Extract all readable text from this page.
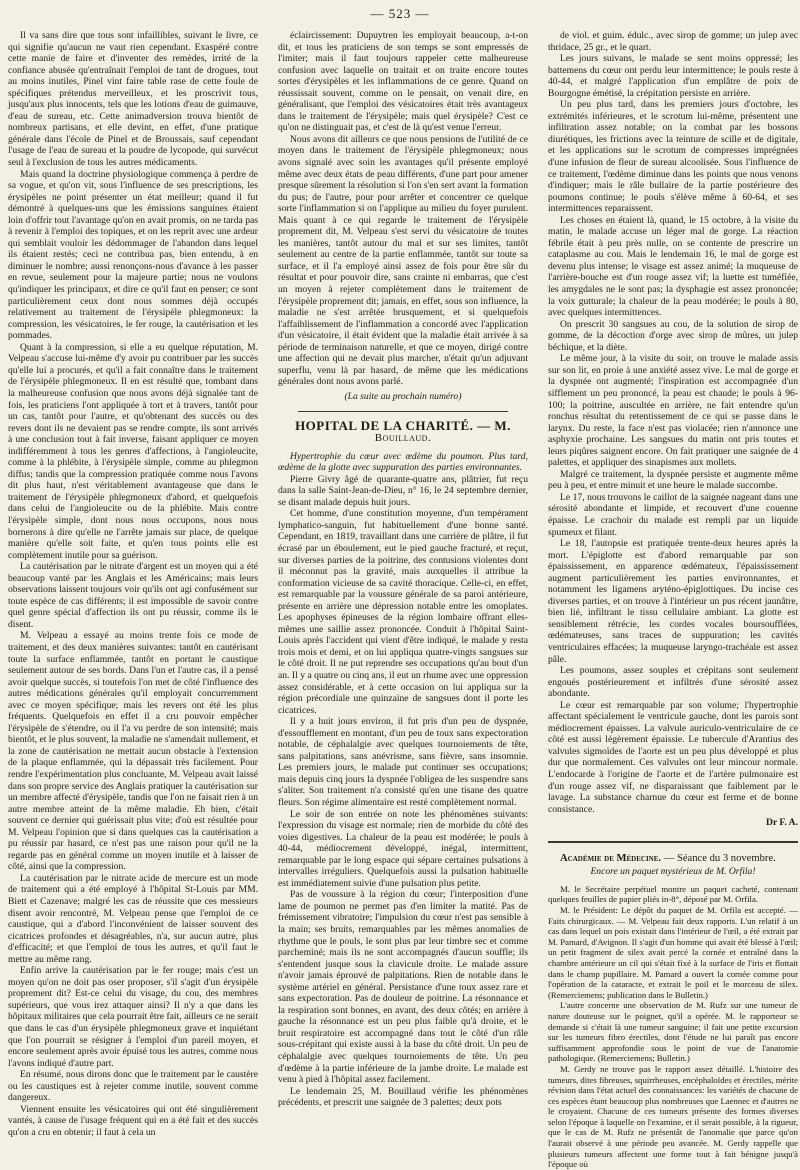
— 523 —

Il va sans dire que tous sont infaillibles, suivant le livre, ce qui signifie qu'aucun ne vaut rien cependant. Exaspéré contre cette manie de faire et d'inventer des remèdes, irrité de la confiance abusée qu'entraînait l'emploi de tant de drogues, tout au moins inutiles, Pinel vint faire table rase de cette foule de spécifiques prétendus merveilleux, et les proscrivit tous, jusqu'aux plus innocents, tels que les lotions d'eau de guimauve, d'eau de sureau, etc. Cette animadversion trouva bientôt de nombreux partisans, et elle devint, en effet, d'une pratique générale dans l'école de Pinel et de Broussais, sauf cependant l'usage de l'eau de sureau et la poudre de lycopode, qui survécut seul à l'exclusion de tous les autres médicaments.

Mais quand la doctrine physiologique commença à perdre de sa vogue, et qu'on vit, sous l'influence de ses prescriptions, les érysipèles ne point présenter un état meilleur; quand il fut démontré à quelques-uns que les émissions sanguines étaient loin d'offrir tout l'avantage qu'on en avait promis, on ne tarda pas à revenir à l'emploi des topiques, et on les reprit avec une ardeur qui semblait vouloir les dédommager de l'abandon dans lequel ils étaient restés; ceci ne contribua pas, bien entendu, à en diminuer le nombre; aussi renonçons-nous d'avance à les passer en revue, seulement pour la majeure partie; nous ne voulons qu'indiquer les principaux, et dire ce qu'il faut en penser; ce sont particulièrement ceux dont nous sommes déjà occupés relativement au traitement de l'érysipèle phlegmoneux: la compression, les vésicatoires, le fer rouge, la cautérisation et les pommades.

Quant à la compression, si elle a eu quelque réputation, M. Velpeau s'accuse lui-même d'y avoir pu contribuer par les succès qu'elle lui a procurés, et qu'il a fait connaître dans le traitement de l'érysipèle phlegmoneux. Il en est résulté que, tombant dans la malheureuse confusion que nous avons déjà signalée tant de fois, les praticiens l'ont appliquée à tort et à travers, tantôt pour un cas, tantôt pour l'autre, et qu'obtenant des succès ou des revers dont ils ne devaient pas se rendre compte, ils sont arrivés à une conclusion tout à fait inverse, faisant appliquer ce moyen indifféremment à tous les genres d'affections, à l'angioleucite, comme à la phlébite, à l'érysipèle simple, comme au phlegmon diffus; tandis que la compression pratiquée comme nous l'avons dit plus haut, n'est véritablement avantageuse que dans le traitement de l'érysipèle phlegmoneux d'abord, et quelquefois dans celui de l'angioleucite ou de la phlébite. Mais contre l'érysipèle simple, dont nous nous occupons, nous nous bornerons à dire qu'elle ne l'arrête jamais sur place, de quelque manière qu'elle soit faite, et qu'en tous points elle est complètement inutile pour sa guérison.

La cautérisation par le nitrate d'argent est un moyen qui a été beaucoup vanté par les Anglais et les Américains; mais leurs observations laissent toujours voir qu'ils ont agi confusément sur toute espèce de cas différents; il est impossible de savoir contre quel genre spécial d'affection ils ont pu réussir, comme ils le disent.

M. Velpeau a essayé au moins trente fois ce mode de traitement, et des deux manières suivantes: tantôt en cautérisant toute la surface enflammée, tantôt en portant le caustique seulement autour de ses bords. Dans l'un et l'autre cas, il a pensé avoir quelque succès, si toutefois l'on met de côté l'influence des autres médications générales qu'il employait concurremment avec ce moyen spécifique; mais les revers ont été les plus fréquents. Quelquefois en effet il a cru pouvoir empêcher l'érysipèle de s'étendre, ou il l'a vu perdre de son intensité; mais bientôt, et le plus souvent, la maladie ne s'amendait nullement, et la zone de cautérisation ne mettait aucun obstacle à l'extension de la plaque enflammée, qui la dépassait très facilement. Pour rendre l'expérimentation plus concluante, M. Velpeau avait laissé dans son propre service des Anglais pratiquer la cautérisation sur un membre affecté d'érysipèle, tandis que l'on ne faisait rien à un autre membre atteint de la même maladie. Eh bien, c'était souvent ce dernier qui guérissait plus vite; d'où est résultée pour M. Velpeau l'opinion que si dans quelques cas la cautérisation a pu réussir par hasard, ce n'est pas une raison pour qu'il ne la regarde pas en général comme un moyen inutile et à laisser de côté, ainsi que la compression.

La cautérisation par le nitrate acide de mercure est un mode de traitement qui a été employé à l'hôpital St-Louis par MM. Biett et Cazenave; malgré les cas de réussite que ces messieurs disent avoir rencontré, M. Velpeau pense que l'emploi de ce caustique, qui a d'abord l'inconvénient de laisser souvent des cicatrices profondes et désagréables, n'a, sur aucun autre, plus d'efficacité; et que l'emploi de tous les autres, et qu'il faut le mettre au même rang.

Enfin arrive la cautérisation par le fer rouge; mais c'est un moyen qu'on ne doit pas oser proposer, s'il s'agit d'un érysipèle proprement dit? Est-ce celui du visage, du cou, des membres supérieurs, que vous irez attaquer ainsi? Il n'y a que dans les hôpitaux militaires que cela pourrait être fait, ailleurs ce ne serait que dans le cas d'un érysipèle phlegmoneux grave et inquiétant que l'on pourrait se résigner à l'emploi d'un pareil moyen, et encore seulement après avoir épuisé tous les autres, comme nous l'avons indiqué d'autre part.

En résumé, nous dirons donc que le traitement par le caustère ou les caustiques est à rejeter comme inutile, souvent comme dangereux.

Viennent ensuite les vésicatoires qui ont été singulièrement vantés, à cause de l'usage fréquent qui en a été fait et des succès qu'on a cru en obtenir; il faut à cela un

éclaircissement: Dupuytren les employait beaucoup, a-t-on dit, et tous les praticiens de son temps se sont empressés de l'imiter; mais il faut toujours rappeler cette malheureuse confusion avec laquelle on traitait et on traite encore toutes sortes d'érysipèles et les inflammations de ce genre. Quand on réussissait souvent, comme on le pensait, on venait dire, en généralisant, que l'emploi des vésicatoires était très avantageux dans le traitement de l'érysipèle; mais quel érysipèle? C'est ce qu'on ne distinguait pas, et c'est de là qu'est venue l'erreur.

Nous avons dit ailleurs ce que nous pensions de l'utilité de ce moyen dans le traitement de l'érysipèle phlegmoneux; nous avons signalé avec soin les avantages qu'il présente employé même avec deux états de peau différents, d'une part pour amener presque sûrement la résolution si l'on s'en sert avant la formation du pus; de l'autre, pour pour arrêter et concentrer ce quelque sorte l'inflammation si on l'applique au milieu du foyer purulent. Mais quant à ce qui regarde le traitement de l'érysipèle proprement dit, M. Velpeau s'est servi du vésicatoire de toutes les manières, tantôt autour du mal et sur ses limites, tantôt seulement au centre de la partie enflammée, tantôt sur toute sa surface, et il l'a employé ainsi assez de fois pour être sûr du résultat et pour pouvoir dire, sans crainte ni embarras, que c'est un moyen à rejeter complètement dans le traitement de l'érysipèle proprement dit; jamais, en effet, sous son influence, la maladie ne s'est arrêtée brusquement, et si quelquefois l'affaiblissement de l'inflammation a concordé avec l'application d'un vésicatoire, il était évident que la maladie était arrivée à sa période de terminaison naturelle, et que ce moyen, dirigé contre une affection qui ne devait plus marcher, n'était qu'un adjuvant superflu, venu là par hasard, de même que les médications générales dont nous avons parlé.

(La suite au prochain numéro)
HOPITAL DE LA CHARITÉ. — M. Bouillaud.

Hypertrophie du cœur avec œdème du poumon. Plus tard, œdème de la glotte avec suppuration des parties environnantes.

Pierre Givry âgé de quarante-quatre ans, plâtrier, fut reçu dans la salle Saint-Jean-de-Dieu, n° 16, le 24 septembre dernier, se disant malade depuis huit jours.

Cet homme, d'une constitution moyenne, d'un tempérament lymphatico-sanguin, fut habituellement d'une bonne santé. Cependant, en 1819, travaillant dans une carrière de plâtre, il fut écrasé par un éboulement, eut le pied gauche fracturé, et reçut, sur diverses parties de la poitrine, des contusions violentes dont il méconnut pas la gravité, mais auxquelles il attribue la conformation vicieuse de sa cavité thoracique. Celle-ci, en effet, est remarquable par la voussure générale de sa paroi antérieure, présente en arrière une dépression notable entre les omoplates. Les apophyses épineuses de la région lombaire offrant elles-mêmes une saillie assez prononcée. Conduit à l'hôpital Saint-Louis après l'accident qui vient d'être indiqué, le malade y resta trois mois et demi, et on lui appliqua quatre-vingts sangsues sur le côté droit. Il ne put reprendre ses occupations qu'au bout d'un an. Il y a quatre ou cinq ans, il eut un rhume avec une oppression assez considérable, et à cette occasion on lui appliqua sur la région précordiale une quinzaine de sangsues dont il porte les cicatrices.

Il y a huit jours environ, il fut pris d'un peu de dyspnée, d'essoufflement en montant, d'un peu de toux sans expectoration notable, de céphalalgie avec quelques tournoiements de tête, sans palpitations, sans anévrisme, sans fièvre, sans insomnie. Les premiers jours, le malade put continuer ses occupations; mais depuis cinq jours la dyspnée l'obligea de les suspendre sans s'aliter. Son traitement n'a consisté qu'en une tisane des quatre fleurs. Son régime alimentaire est resté complètement normal.

Le soir de son entrée on note les phénomènes suivants: l'expression du visage est normale; rien de morbide du côté des voies digestives. La chaleur de la peau est modérée; le pouls à 40-44, médiocrement développé, inégal, intermittent, remarquable par le long espace qui sépare certaines pulsations à intervalles irréguliers. Quelquefois aussi la pulsation habituelle est immédiatement suivie d'une pulsation plus petite.

Pas de voussure à la région du cœur; l'interposition d'une lame de poumon ne permet pas d'en limiter la matité. Pas de frémissement vibratoire; l'impulsion du cœur n'est pas sensible à la main; ses bruits, remarquables par les mêmes anomalies de rhythme que le pouls, le sont plus par leur timbre sec et comme parcheminé; mais ils ne sont accompagnés d'aucun souffle; ils s'entendent jusque sous la clavicule droite. Le malade assure n'avoir jamais éprouvé de palpitations. Rien de notable dans le système artériel en général. Persistance d'une toux assez rare et sans expectoration. Pas de douleur de poitrine. La résonnance et la respiration sont bonnes, en avant, des deux côtés; en arrière à gauche la résonnance est un peu plus faible qu'à droite, et le bruit respiratoire est accompagné dans tout le côté d'un râle sous-crépitant qui existe aussi à la base du côté droit. Un peu de céphalalgie avec quelques tournoiements de tête. Un peu d'œdème à la partie inférieure de la jambe droite. Le malade est venu à pied à l'hôpital assez facilement.

Le lendemain 25, M. Bouillaud vérifie les phénomènes précédents, et prescrit une saignée de 3 palettes; deux pots

de viol. et guim. édulc., avec sirop de gomme; un julep avec thridace, 25 gr., et le quart.

Les jours suivans, le malade se sent moins oppressé; les battemens du cœur ont perdu leur intermittence; le pouls reste à 40-44, et malgré l'application d'un emplâtre de poix de Bourgogne émétisé, la crépitation persiste en arrière.

Un peu plus tard, dans les premiers jours d'octobre, les extrémités inférieures, et le scrotum lui-même, présentent une infiltration assez notable; on la combat par les bossons diurétiques, les frictions avec la teinture de scille et de digitale, et les applications sur le scrotum de compresses imprégnées d'une infusion de fleur de sureau alcoolisée. Sous l'influence de ce traitement, l'œdème diminue dans les points que nous venons d'indiquer; mais le râle bullaire de la partie postérieure des poumons continue; le pouls s'élève même à 60-64, et ses intermittences reparaissent.

Les choses en étaient là, quand, le 15 octobre, à la visite du matin, le malade accuse un léger mal de gorge. La réaction fébrile était à peu près nulle, on se contente de prescrire un cataplasme au cou. Mais le lendemain 16, le mal de gorge est devenu plus intense; le visage est assez animé; la muqueuse de l'arrière-bouche est d'un rouge assez vif; la luette est tuméfiée, les amygdales ne le sont pas; la dysphagie est assez prononcée; la voix gutturale; la chaleur de la peau modérée; le pouls à 80, avec quelques intermittences.

On prescrit 30 sangsues au cou, de la solution de sirop de gomme, de la décoction d'orge avec sirop de mûres, un julep béchique, et la diète.

Le même jour, à la visite du soir, on trouve le malade assis sur son lit, en proie à une anxiété assez vive. Le mal de gorge et la dyspnée ont augmenté; l'inspiration est accompagnée d'un sifflement un peu prononcé, la peau est chaude; le pouls à 96-100; la poitrine, auscultée en arrière, ne fait entendre qu'un ronchus résultat du retentissement de ce qui se passe dans le larynx. Du reste, la face n'est pas violacée; rien n'annonce une asphyxie prochaine. Les sangsues du matin ont pris toutes et leurs piqûres saignent encore. On fait pratiquer une saignée de 4 palettes, et appliquer des sinapismes aux mollets.

Malgré ce traitement, la dyspnée persiste et augmente même peu à peu, et entre minuit et une heure le malade succombe.

Le 17, nous trouvons le caillot de la saignée nageant dans une sérosité abondante et limpide, et recouvert d'une couenne épaisse. Le crachoir du malade est rempli par un liquide spumeux et filant.

Le 18, l'autopsie est pratiquée trente-deux heures après la mort. L'épiglotte est d'abord remarquable par son épaississement, en apparence œdémateux, l'épaississement augment particulièrement les parties environnantes, et notamment les ligamens aryténo-épiglottiques. Du incise ces diverses parties, et on trouve à l'intérieur un pus récent jaunâtre, bien lié, infiltrant le tissu cellulaire ambiant. La glotte est sensiblement rétrécie, les cordes vocales boursoufflées, œdémateuses, sans traces de suppuration; les cavités ventriculaires effacées; la muqueuse laryngo-trachéale est assez pâle.

Les poumons, assez souples et crépitans sont seulement engoués postérieurement et infiltrés d'une sérosité assez abondante.

Le cœur est remarquable par son volume; l'hypertrophie affectant spécialement le ventricule gauche, dont les parois sont médiocrement épaisses. La valvule auriculo-ventriculaire de ce côté est aussi légèrement épaissie. Le tubercule d'Arantius des valvules sigmoïdes de l'aorte est un peu plus développé et plus dur que normalement. Ces valvules ont leur mincour normale. L'endocarde à l'origine de l'aorte et de l'artère pulmonaire est d'un rouge assez vif, ne disparaissant que faiblement par le lavage. La substance charnue du cœur est ferme et de bonne consistance.

Dr F. A.

Académie de Médecine. — Séance du 3 novembre.

Encore un paquet mystérieux de M. Orfila!

M. le Secrétaire perpétuel montre un paquet cacheté, contenant quelques feuilles de papier pliés in-8°, déposé par M. Orfila.

M. le Président: Le dépôt du paquet de M. Orfila est accepté. — Faits chirurgicaux. — M. Velpeau fait deux rapports. L'un relatif à un cas dans lequel un pois existait dans l'intérieur de l'œil, a été extrait par M. Pamard, d'Avignon. Il s'agit d'un homme qui avait été blessé à l'œil; un petit fragment de silex avait percé la cornée et entraîné dans la chambre antérieure un cil qui s'était fixé à la surface de l'iris et flottait dans le champ pupillaire. M. Pamard a ouvert la cornée comme pour l'opération de la cataracte, et extrait le poil et le morceau de silex. (Remerciemens; publication dans le Bulletin.)

L'autre concerne une observation de M. Rufz sur une tumeur de nature douteuse sur le poignet, qu'il a opérée. M. le rapporteur se demande si c'était là une tumeur sanguine; il fait une petite excursion sur les tumeurs fibro érectiles, dont l'étude ne lui paraît pas encore suffisamment approfondie sous le point de vue de l'anatomie pathologique. (Remerciemens; Bulletin.)

M. Gerdy ne trouve pas le rapport assez détaillé. L'histoire des tumeurs, dites fibreuses, squirrheuses, encéphaloïdes et érectiles, mérite révision dans l'état actuel des connaissances: les variétés de chacune de ces espèces étant beaucoup plus nombreuses que Laennec et d'autres ne le croyaient. Chacune de ces tumeurs présente des formes diverses selon l'époque à laquelle on l'examine, et il serait possible, à la rigueur, que le cas de M. Rufz ne présentât de l'anomalie que parce qu'on l'aurait observé à une période peu avancée. M. Gerdy rappelle que plusieurs tumeurs affectent une forme tout à fait bénigne jusqu'à l'époque où
